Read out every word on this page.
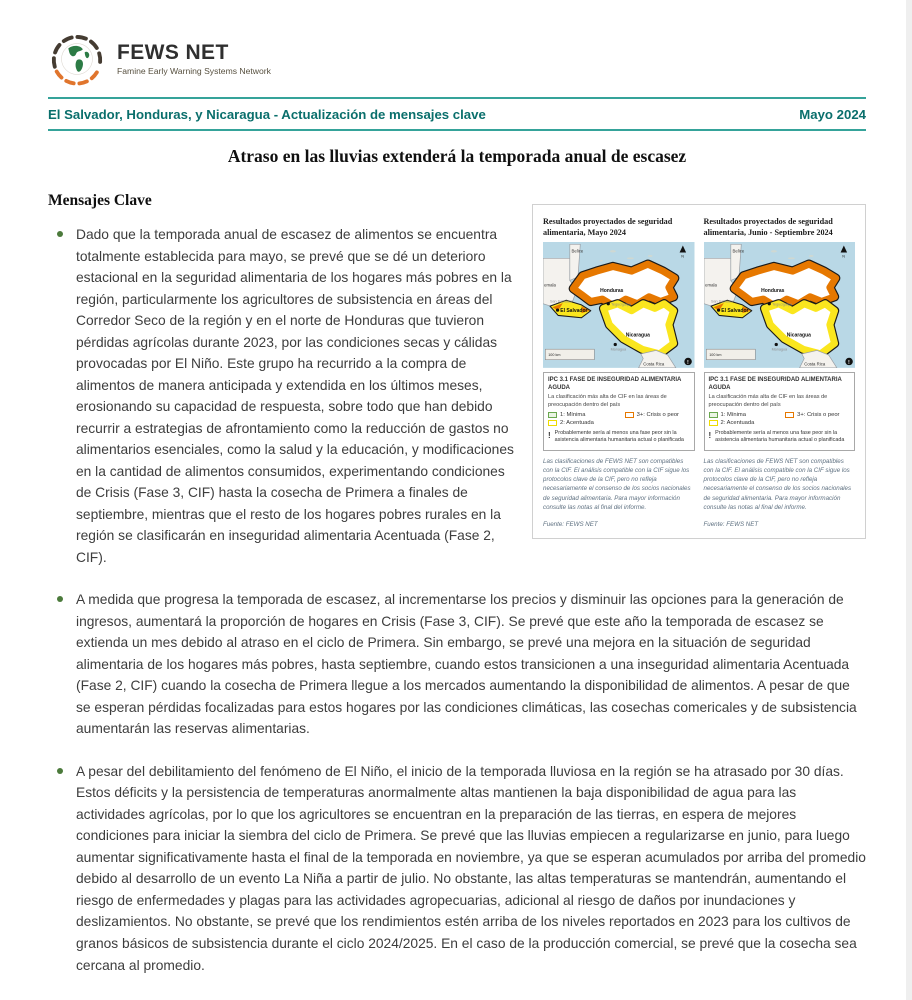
FEWS NET
Famine Early Warning Systems Network
El Salvador, Honduras, y Nicaragua - Actualización de mensajes clave	Mayo 2024
Atraso en las lluvias extenderá la temporada anual de escasez
Resultados proyectados de seguridad alimentaria, Mayo 2024
Belice
emala
Honduras
Tegucigalpa
San Salvador
El Salvador
Nicaragua
Managua
Costa Rica
100 km
N
!
IPC 3.1 FASE DE INSEGURIDAD ALIMENTARIA AGUDA
La clasificación más alta de CIF en las áreas de preocupación dentro del país
1: Mínima	3+: Crisis o peor
2: Acentuada
! Probablemente sería al menos una fase peor sin la asistencia alimentaria humanitaria actual o planificada
Las clasificaciones de FEWS NET son compatibles con la CIF. El análisis compatible con la CIF sigue los protocolos clave de la CIF, pero no refleja necesariamente el consenso de los socios nacionales de seguridad alimentaria. Para mayor información consulte las notas al final del informe.
Fuente: FEWS NET
Resultados proyectados de seguridad alimentaria, Junio - Septiembre 2024
Belice
emala
Honduras
Tegucigalpa
San Salvador
El Salvador
Nicaragua
Managua
Costa Rica
100 km
N
!
IPC 3.1 FASE DE INSEGURIDAD ALIMENTARIA AGUDA
La clasificación más alta de CIF en las áreas de preocupación dentro del país
1: Mínima	3+: Crisis o peor
2: Acentuada
! Probablemente sería al menos una fase peor sin la asistencia alimentaria humanitaria actual o planificada
Las clasificaciones de FEWS NET son compatibles con la CIF. El análisis compatible con la CIF sigue los protocolos clave de la CIF, pero no refleja necesariamente el consenso de los socios nacionales de seguridad alimentaria. Para mayor información consulte las notas al final del informe.
Fuente: FEWS NET
Mensajes Clave
Dado que la temporada anual de escasez de alimentos se encuentra totalmente establecida para mayo, se prevé que se dé un deterioro estacional en la seguridad alimentaria de los hogares más pobres en la región, particularmente los agricultores de subsistencia en áreas del Corredor Seco de la región y en el norte de Honduras que tuvieron pérdidas agrícolas durante 2023, por las condiciones secas y cálidas provocadas por El Niño. Este grupo ha recurrido a la compra de alimentos de manera anticipada y extendida en los últimos meses, erosionando su capacidad de respuesta, sobre todo que han debido recurrir a estrategias de afrontamiento como la reducción de gastos no alimentarios esenciales, como la salud y la educación, y modificaciones en la cantidad de alimentos consumidos, experimentando condiciones de Crisis (Fase 3, CIF) hasta la cosecha de Primera a finales de septiembre, mientras que el resto de los hogares pobres rurales en la región se clasificarán en inseguridad alimentaria Acentuada (Fase 2, CIF).
A medida que progresa la temporada de escasez, al incrementarse los precios y disminuir las opciones para la generación de ingresos, aumentará la proporción de hogares en Crisis (Fase 3, CIF). Se prevé que este año la temporada de escasez se extienda un mes debido al atraso en el ciclo de Primera. Sin embargo, se prevé una mejora en la situación de seguridad alimentaria de los hogares más pobres, hasta septiembre, cuando estos transicionen a una inseguridad alimentaria Acentuada (Fase 2, CIF) cuando la cosecha de Primera llegue a los mercados aumentando la disponibilidad de alimentos. A pesar de que se esperan pérdidas focalizadas para estos hogares por las condiciones climáticas, las cosechas comericales y de subsistencia aumentarán las reservas alimentarias.
A pesar del debilitamiento del fenómeno de El Niño, el inicio de la temporada lluviosa en la región se ha atrasado por 30 días. Estos déficits y la persistencia de temperaturas anormalmente altas mantienen la baja disponibilidad de agua para las actividades agrícolas, por lo que los agricultores se encuentran en la preparación de las tierras, en espera de mejores condiciones para iniciar la siembra del ciclo de Primera. Se prevé que las lluvias empiecen a regularizarse en junio, para luego aumentar significativamente hasta el final de la temporada en noviembre, ya que se esperan acumulados por arriba del promedio debido al desarrollo de un evento La Niña a partir de julio. No obstante, las altas temperaturas se mantendrán, aumentando el riesgo de enfermedades y plagas para las actividades agropecuarias, adicional al riesgo de daños por inundaciones y deslizamientos. No obstante, se prevé que los rendimientos estén arriba de los niveles reportados en 2023 para los cultivos de granos básicos de subsistencia durante el ciclo 2024/2025. En el caso de la producción comercial, se prevé que la cosecha sea cercana al promedio.
